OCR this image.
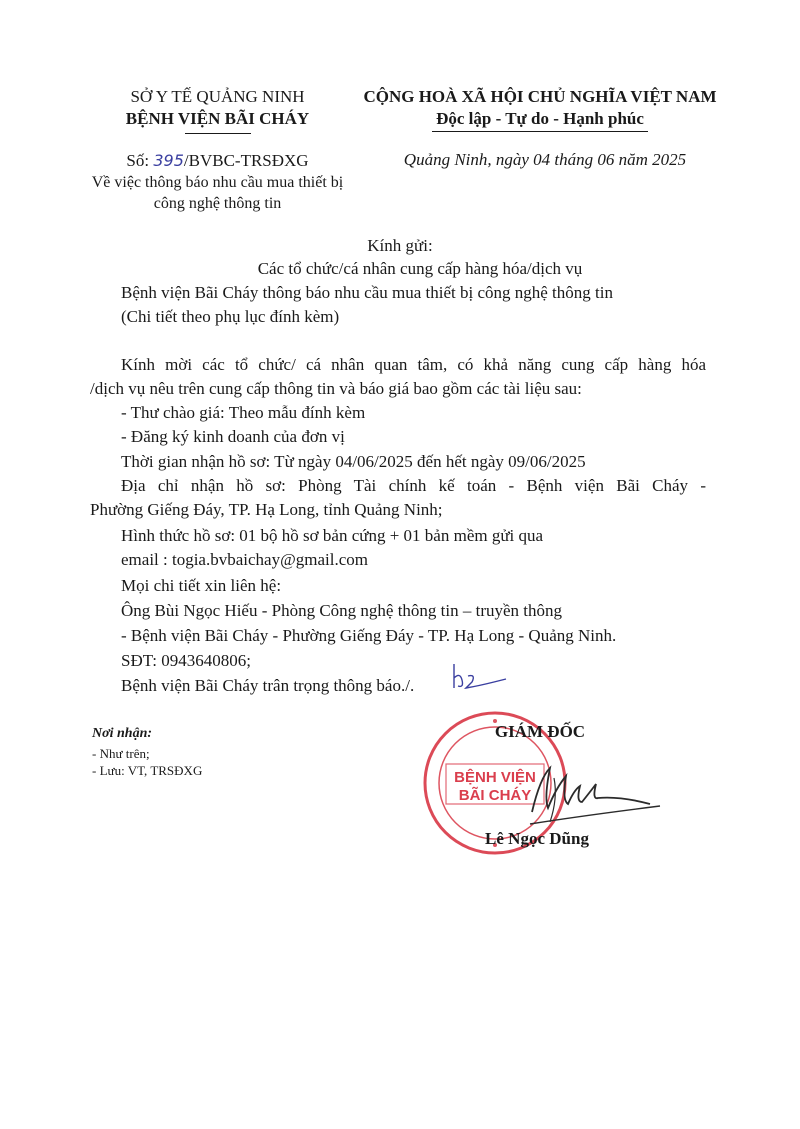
SỞ Y TẾ QUẢNG NINH
BỆNH VIỆN BÃI CHÁY
CỘNG HOÀ XÃ HỘI CHỦ NGHĨA VIỆT NAM
Độc lập - Tự do - Hạnh phúc
Số: 395/BVBC-TRSĐXG
Về việc thông báo nhu cầu mua thiết bị công nghệ thông tin
Quảng Ninh, ngày 04 tháng 06 năm 2025
Kính gửi:
Các tổ chức/cá nhân cung cấp hàng hóa/dịch vụ
Bệnh viện Bãi Cháy thông báo nhu cầu mua thiết bị công nghệ thông tin
(Chi tiết theo phụ lục đính kèm)
Kính mời các tổ chức/ cá nhân quan tâm, có khả năng cung cấp hàng hóa
/dịch vụ nêu trên cung cấp thông tin và báo giá bao gồm các tài liệu sau:
- Thư chào giá: Theo mẫu đính kèm
- Đăng ký kinh doanh của đơn vị
Thời gian nhận hồ sơ: Từ ngày 04/06/2025 đến hết ngày 09/06/2025
Địa chỉ nhận hồ sơ: Phòng Tài chính kế toán - Bệnh viện Bãi Cháy -
Phường Giếng Đáy, TP. Hạ Long, tỉnh Quảng Ninh;
Hình thức hồ sơ: 01 bộ hồ sơ bản cứng + 01 bản mềm gửi qua
email : togia.bvbaichay@gmail.com
Mọi chi tiết xin liên hệ:
Ông Bùi Ngọc Hiếu - Phòng Công nghệ thông tin – truyền thông
- Bệnh viện Bãi Cháy - Phường Giếng Đáy - TP. Hạ Long - Quảng Ninh.
SĐT: 0943640806;
Bệnh viện Bãi Cháy trân trọng thông báo./.
Nơi nhận:
- Như trên;
- Lưu: VT, TRSĐXG	BỆNH VIỆN
BÃI CHÁY
GIÁM ĐỐC
Lê Ngọc Dũng
